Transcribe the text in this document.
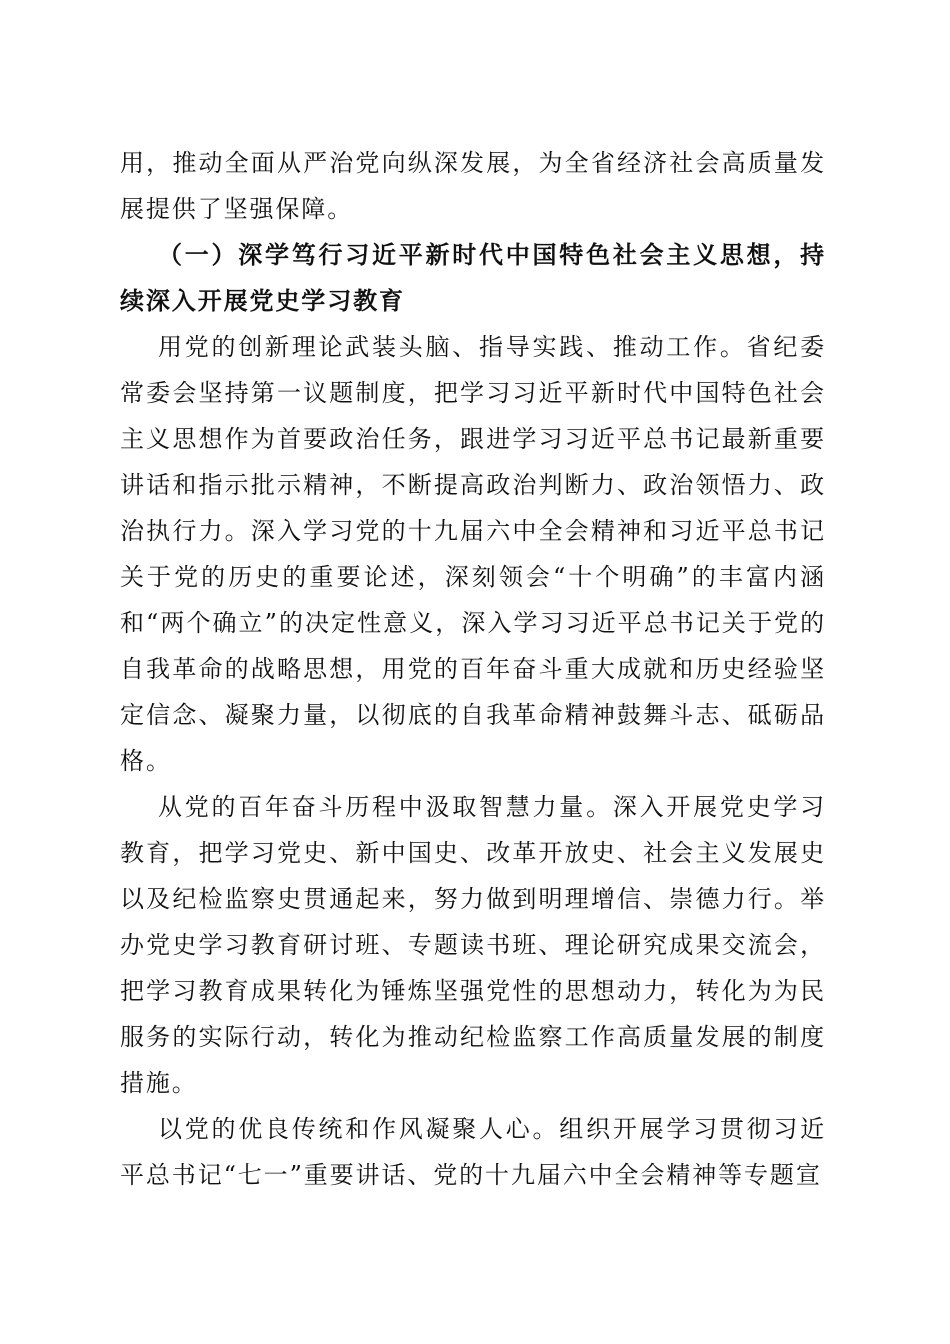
用，推动全面从严治党向纵深发展，为全省经济社会高质量发展提供了坚强保障。

（一）深学笃行习近平新时代中国特色社会主义思想，持续深入开展党史学习教育

用党的创新理论武装头脑、指导实践、推动工作。省纪委常委会坚持第一议题制度，把学习习近平新时代中国特色社会主义思想作为首要政治任务，跟进学习习近平总书记最新重要讲话和指示批示精神，不断提高政治判断力、政治领悟力、政治执行力。深入学习党的十九届六中全会精神和习近平总书记关于党的历史的重要论述，深刻领会“十个明确”的丰富内涵和“两个确立”的决定性意义，深入学习习近平总书记关于党的自我革命的战略思想，用党的百年奋斗重大成就和历史经验坚定信念、凝聚力量，以彻底的自我革命精神鼓舞斗志、砥砺品格。

从党的百年奋斗历程中汲取智慧力量。深入开展党史学习教育，把学习党史、新中国史、改革开放史、社会主义发展史以及纪检监察史贯通起来，努力做到明理增信、崇德力行。举办党史学习教育研讨班、专题读书班、理论研究成果交流会，把学习教育成果转化为锤炼坚强党性的思想动力，转化为为民服务的实际行动，转化为推动纪检监察工作高质量发展的制度措施。

以党的优良传统和作风凝聚人心。组织开展学习贯彻习近平总书记“七一”重要讲话、党的十九届六中全会精神等专题宣
